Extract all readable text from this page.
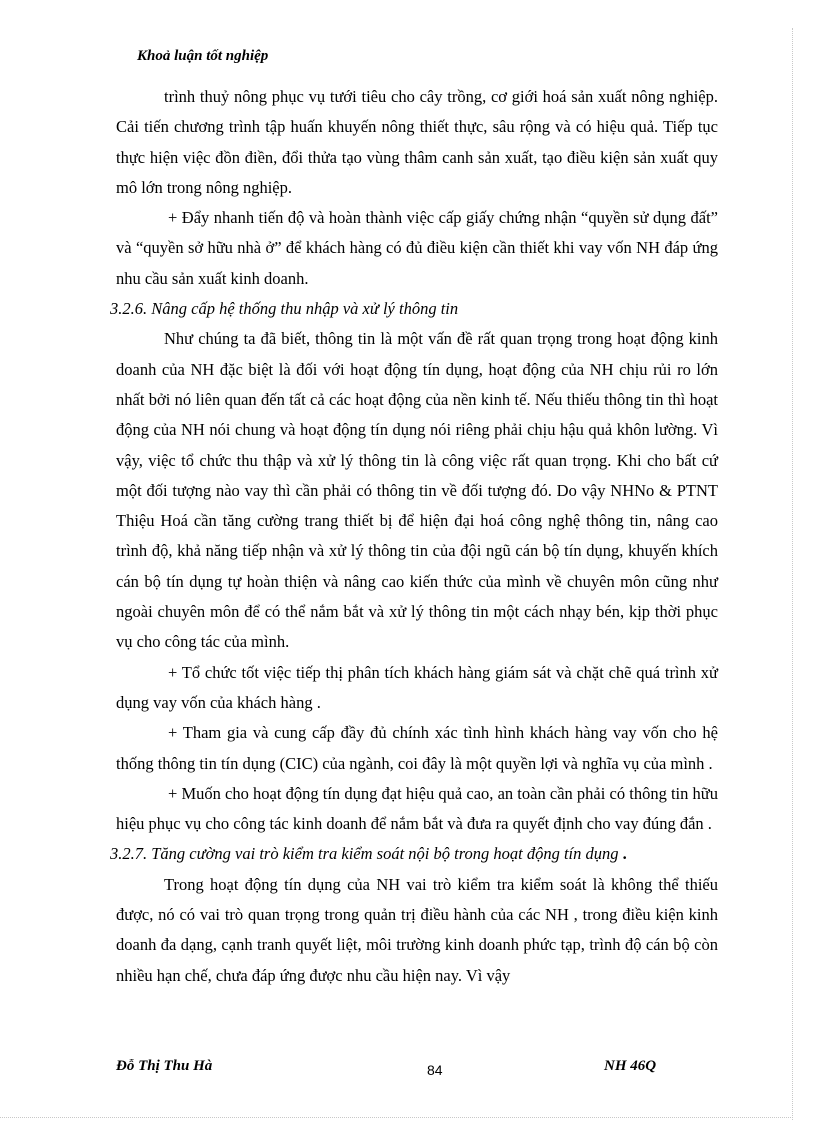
Khoả luận tốt nghiệp

trình thuỷ nông phục vụ tưới tiêu cho cây trồng, cơ giới hoá sản xuất nông nghiệp. Cải tiến chương trình tập huấn khuyến nông thiết thực, sâu rộng và có hiệu quả. Tiếp tục thực hiện việc đồn điền, đổi thửa tạo vùng thâm canh sản xuất, tạo điều kiện sản xuất quy mô lớn trong nông nghiệp.

+ Đẩy nhanh tiến độ và hoàn thành việc cấp giấy chứng nhận “quyền sử dụng đất” và “quyền sở hữu nhà ở” để khách hàng có đủ điều kiện cần thiết khi vay vốn NH đáp ứng nhu cầu sản xuất kinh doanh.

3.2.6. Nâng cấp hệ thống thu nhập và xử lý thông tin

Như chúng ta đã biết, thông tin là một vấn đề rất quan trọng trong hoạt động kinh doanh của NH đặc biệt là đối với hoạt động tín dụng, hoạt động của NH chịu rủi ro lớn nhất bởi nó liên quan đến tất cả các hoạt động của nền kinh tế. Nếu thiếu thông tin thì hoạt động của NH nói chung và hoạt động tín dụng nói riêng phải chịu hậu quả khôn lường. Vì vậy, việc tổ chức thu thập và xử lý thông tin là công việc rất quan trọng. Khi cho bất cứ một đối tượng nào vay thì cần phải có thông tin về đối tượng đó. Do vậy NHNo & PTNT Thiệu Hoá cần tăng cường trang thiết bị để hiện đại hoá công nghệ thông tin, nâng cao trình độ, khả năng tiếp nhận và xử lý thông tin của đội ngũ cán bộ tín dụng, khuyến khích cán bộ tín dụng tự hoàn thiện và nâng cao kiến thức của mình về chuyên môn cũng như ngoài chuyên môn để có thể nắm bắt và xử lý thông tin một cách nhạy bén, kịp thời phục vụ cho công tác của mình.

+ Tổ chức tốt việc tiếp thị phân tích khách hàng giám sát và chặt chẽ quá trình xử dụng vay vốn của khách hàng .

+ Tham gia và cung cấp đầy đủ chính xác tình hình khách hàng vay vốn cho hệ thống thông tin tín dụng (CIC) của ngành, coi đây là một quyền lợi và nghĩa vụ của mình .

+ Muốn cho hoạt động tín dụng đạt hiệu quả cao, an toàn cần phải có thông tin hữu hiệu phục vụ cho công tác kinh doanh để nắm bắt và đưa ra quyết định cho vay đúng đắn .

3.2.7. Tăng cường vai trò kiểm tra kiểm soát nội bộ trong hoạt động tín dụng .

Trong hoạt động tín dụng của NH vai trò kiểm tra kiểm soát là không thể thiếu được, nó có vai trò quan trọng trong quản trị điều hành của các NH , trong điều kiện kinh doanh đa dạng, cạnh tranh quyết liệt, môi trường kinh doanh phức tạp, trình độ cán bộ còn nhiều hạn chế, chưa đáp ứng được nhu cầu hiện nay. Vì vậy

Đỗ Thị Thu Hà	84	NH 46Q
